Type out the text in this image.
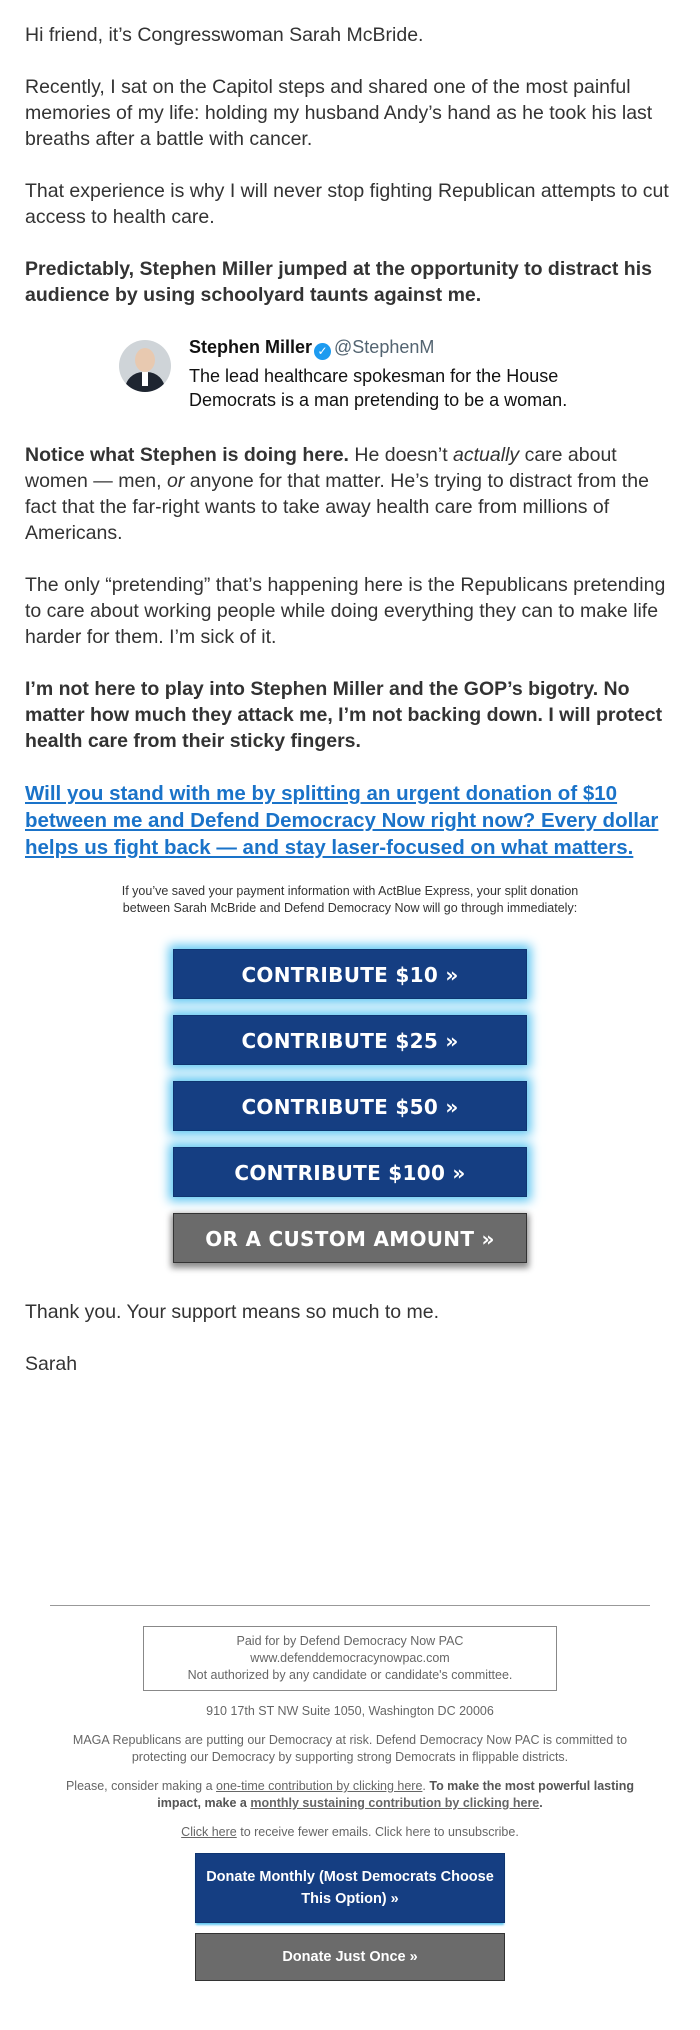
Hi friend, it’s Congresswoman Sarah McBride.

Recently, I sat on the Capitol steps and shared one of the most painful memories of my life: holding my husband Andy’s hand as he took his last breaths after a battle with cancer.

That experience is why I will never stop fighting Republican attempts to cut access to health care.

Predictably, Stephen Miller jumped at the opportunity to distract his audience by using schoolyard taunts against me.

Stephen Miller ✓ @StephenM
The lead healthcare spokesman for the House Democrats is a man pretending to be a woman.

Notice what Stephen is doing here. He doesn’t actually care about women — men, or anyone for that matter. He’s trying to distract from the fact that the far-right wants to take away health care from millions of Americans.

The only “pretending” that’s happening here is the Republicans pretending to care about working people while doing everything they can to make life harder for them. I’m sick of it.

I’m not here to play into Stephen Miller and the GOP’s bigotry. No matter how much they attack me, I’m not backing down. I will protect health care from their sticky fingers.

Will you stand with me by splitting an urgent donation of $10 between me and Defend Democracy Now right now? Every dollar helps us fight back — and stay laser-focused on what matters.
If you’ve saved your payment information with ActBlue Express, your split donation between Sarah McBride and Defend Democracy Now will go through immediately:
CONTRIBUTE $10 »
CONTRIBUTE $25 »
CONTRIBUTE $50 »
CONTRIBUTE $100 »
OR A CUSTOM AMOUNT »

Thank you. Your support means so much to me.

Sarah

Paid for by Defend Democracy Now PAC
www.defenddemocracynowpac.com
Not authorized by any candidate or candidate's committee.
910 17th ST NW Suite 1050, Washington DC 20006
MAGA Republicans are putting our Democracy at risk. Defend Democracy Now PAC is committed to protecting our Democracy by supporting strong Democrats in flippable districts.
Please, consider making a one-time contribution by clicking here. To make the most powerful lasting impact, make a monthly sustaining contribution by clicking here.
Click here to receive fewer emails. Click here to unsubscribe.
Donate Monthly (Most Democrats Choose This Option) »
Donate Just Once »
